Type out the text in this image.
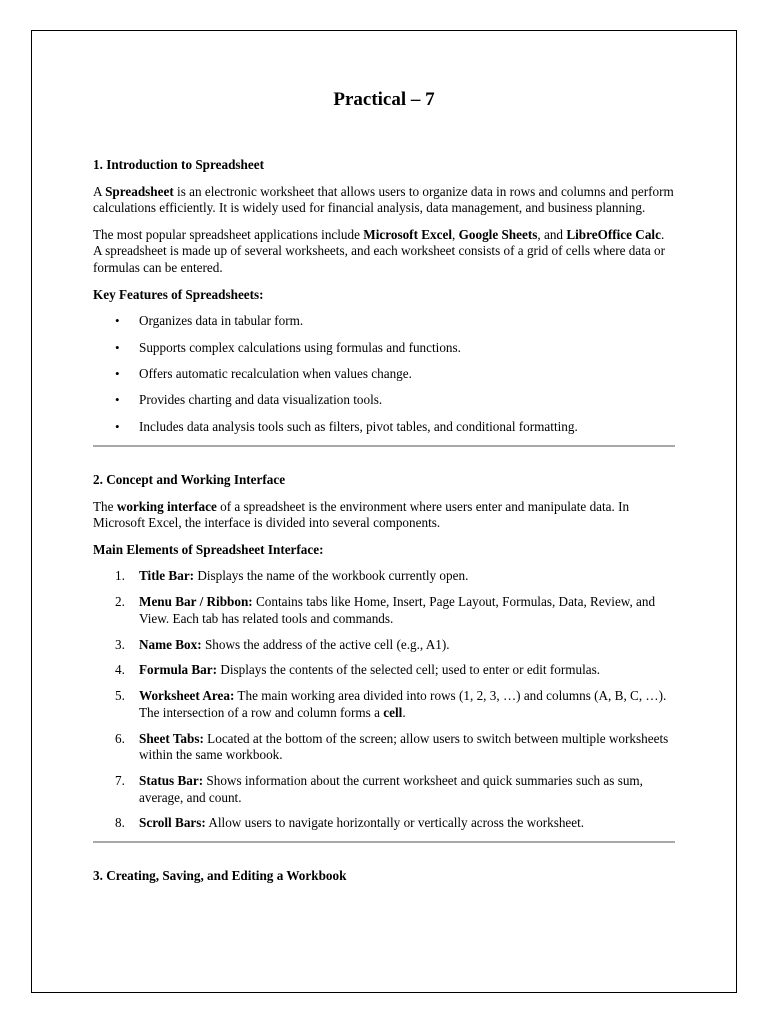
Practical – 7
1. Introduction to Spreadsheet

A Spreadsheet is an electronic worksheet that allows users to organize data in rows and columns and perform calculations efficiently. It is widely used for financial analysis, data management, and business planning.

The most popular spreadsheet applications include Microsoft Excel, Google Sheets, and LibreOffice Calc. A spreadsheet is made up of several worksheets, and each worksheet consists of a grid of cells where data or formulas can be entered.

Key Features of Spreadsheets:
• Organizes data in tabular form.
• Supports complex calculations using formulas and functions.
• Offers automatic recalculation when values change.
• Provides charting and data visualization tools.
• Includes data analysis tools such as filters, pivot tables, and conditional formatting.
2. Concept and Working Interface

The working interface of a spreadsheet is the environment where users enter and manipulate data. In Microsoft Excel, the interface is divided into several components.

Main Elements of Spreadsheet Interface:
1. Title Bar: Displays the name of the workbook currently open.
2. Menu Bar / Ribbon: Contains tabs like Home, Insert, Page Layout, Formulas, Data, Review, and View. Each tab has related tools and commands.
3. Name Box: Shows the address of the active cell (e.g., A1).
4. Formula Bar: Displays the contents of the selected cell; used to enter or edit formulas.
5. Worksheet Area: The main working area divided into rows (1, 2, 3, …) and columns (A, B, C, …). The intersection of a row and column forms a cell.
6. Sheet Tabs: Located at the bottom of the screen; allow users to switch between multiple worksheets within the same workbook.
7. Status Bar: Shows information about the current worksheet and quick summaries such as sum, average, and count.
8. Scroll Bars: Allow users to navigate horizontally or vertically across the worksheet.
3. Creating, Saving, and Editing a Workbook
